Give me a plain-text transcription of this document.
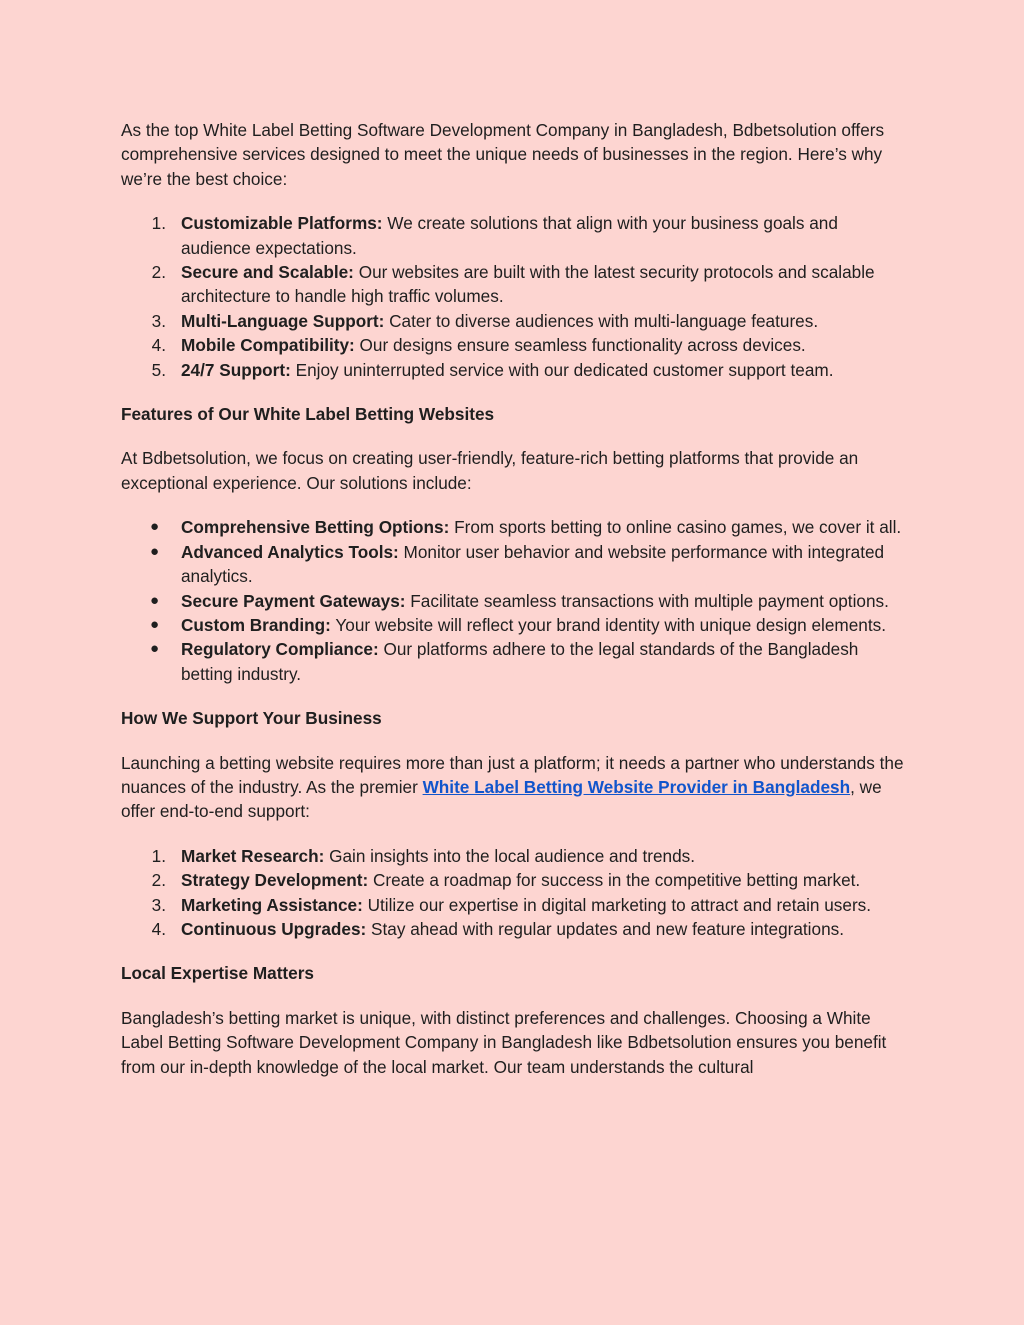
As the top White Label Betting Software Development Company in Bangladesh, Bdbetsolution offers comprehensive services designed to meet the unique needs of businesses in the region. Here’s why we’re the best choice:

1. Customizable Platforms: We create solutions that align with your business goals and audience expectations.
2. Secure and Scalable: Our websites are built with the latest security protocols and scalable architecture to handle high traffic volumes.
3. Multi-Language Support: Cater to diverse audiences with multi-language features.
4. Mobile Compatibility: Our designs ensure seamless functionality across devices.
5. 24/7 Support: Enjoy uninterrupted service with our dedicated customer support team.
Features of Our White Label Betting Websites

At Bdbetsolution, we focus on creating user-friendly, feature-rich betting platforms that provide an exceptional experience. Our solutions include:

● Comprehensive Betting Options: From sports betting to online casino games, we cover it all.
● Advanced Analytics Tools: Monitor user behavior and website performance with integrated analytics.
● Secure Payment Gateways: Facilitate seamless transactions with multiple payment options.
● Custom Branding: Your website will reflect your brand identity with unique design elements.
● Regulatory Compliance: Our platforms adhere to the legal standards of the Bangladesh betting industry.
How We Support Your Business

Launching a betting website requires more than just a platform; it needs a partner who understands the nuances of the industry. As the premier White Label Betting Website Provider in Bangladesh, we offer end-to-end support:

1. Market Research: Gain insights into the local audience and trends.
2. Strategy Development: Create a roadmap for success in the competitive betting market.
3. Marketing Assistance: Utilize our expertise in digital marketing to attract and retain users.
4. Continuous Upgrades: Stay ahead with regular updates and new feature integrations.
Local Expertise Matters

Bangladesh’s betting market is unique, with distinct preferences and challenges. Choosing a White Label Betting Software Development Company in Bangladesh like Bdbetsolution ensures you benefit from our in-depth knowledge of the local market. Our team understands the cultural
